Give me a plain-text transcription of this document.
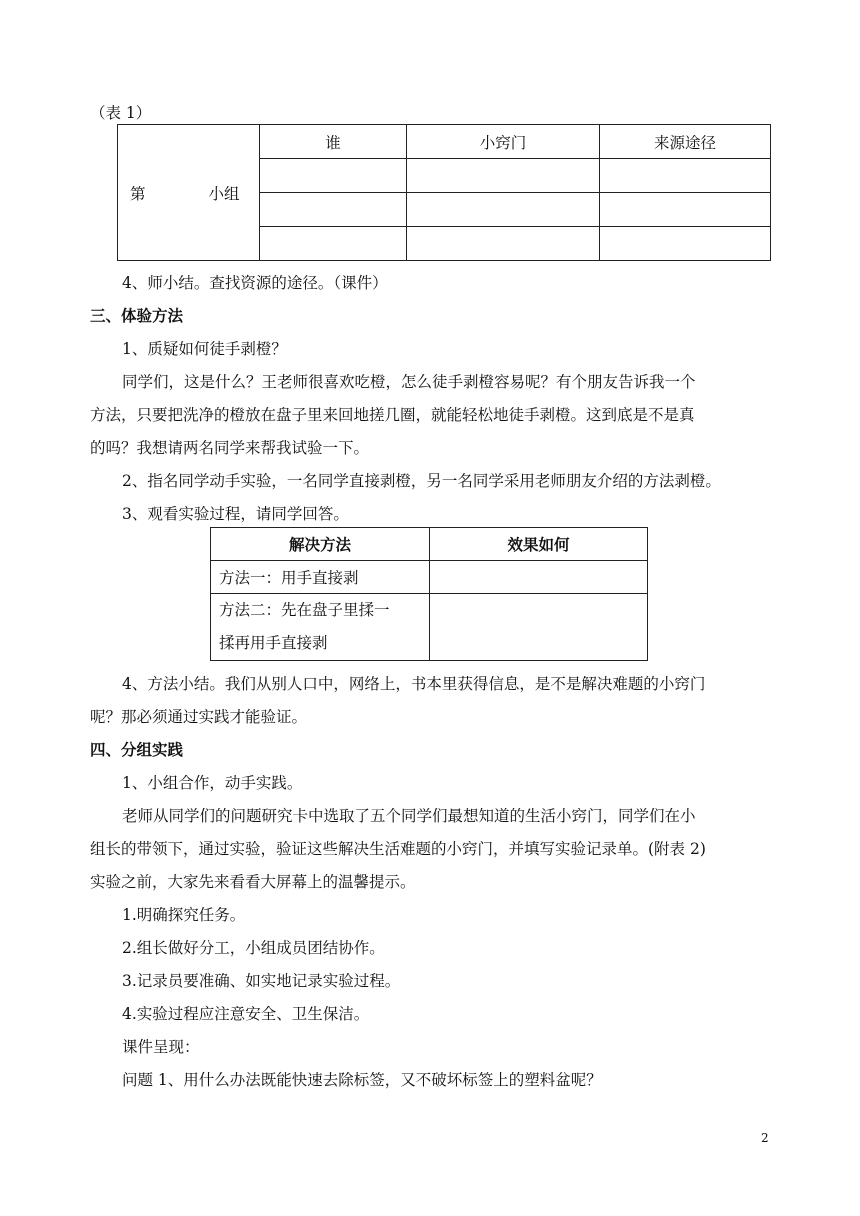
（表 1）
第 小组	谁	小窍门	来源途径

4、师小结。查找资源的途径。（课件）
三、体验方法
1、质疑如何徒手剥橙？
同学们，这是什么？王老师很喜欢吃橙，怎么徒手剥橙容易呢？有个朋友告诉我一个
方法，只要把洗净的橙放在盘子里来回地搓几圈，就能轻松地徒手剥橙。这到底是不是真
的吗？我想请两名同学来帮我试验一下。
2、指名同学动手实验，一名同学直接剥橙，另一名同学采用老师朋友介绍的方法剥橙。
3、观看实验过程，请同学回答。
解决方法	效果如何
方法一：用手直接剥	

方法二：先在盘子里揉一
揉再用手直接剥	

4、方法小结。我们从别人口中，网络上，书本里获得信息，是不是解决难题的小窍门
呢？那必须通过实践才能验证。
四、分组实践
1、小组合作，动手实践。
老师从同学们的问题研究卡中选取了五个同学们最想知道的生活小窍门，同学们在小
组长的带领下，通过实验，验证这些解决生活难题的小窍门，并填写实验记录单。(附表 2)
实验之前，大家先来看看大屏幕上的温馨提示。
1.明确探究任务。
2.组长做好分工，小组成员团结协作。
3.记录员要准确、如实地记录实验过程。
4.实验过程应注意安全、卫生保洁。
课件呈现：
问题 1、用什么办法既能快速去除标签，又不破坏标签上的塑料盆呢？
2
